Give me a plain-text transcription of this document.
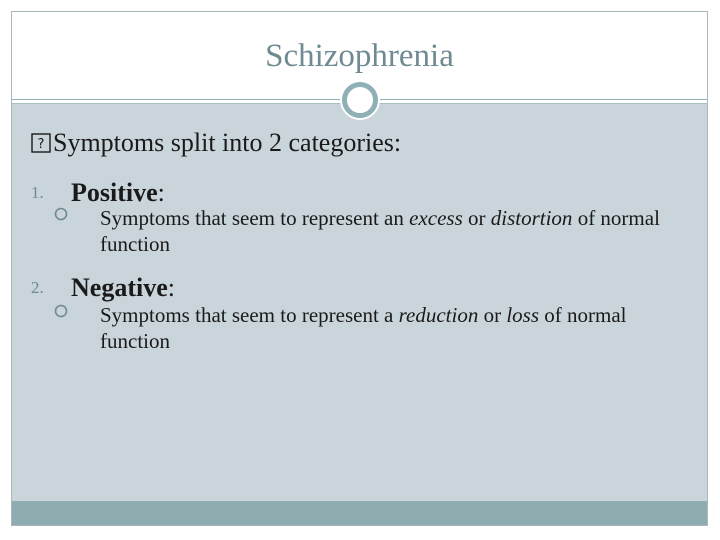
Schizophrenia
? Symptoms split into 2 categories:
1. Positive:
Symptoms that seem to represent an excess or distortion of normal function
2. Negative:
Symptoms that seem to represent a reduction or loss of normal function
